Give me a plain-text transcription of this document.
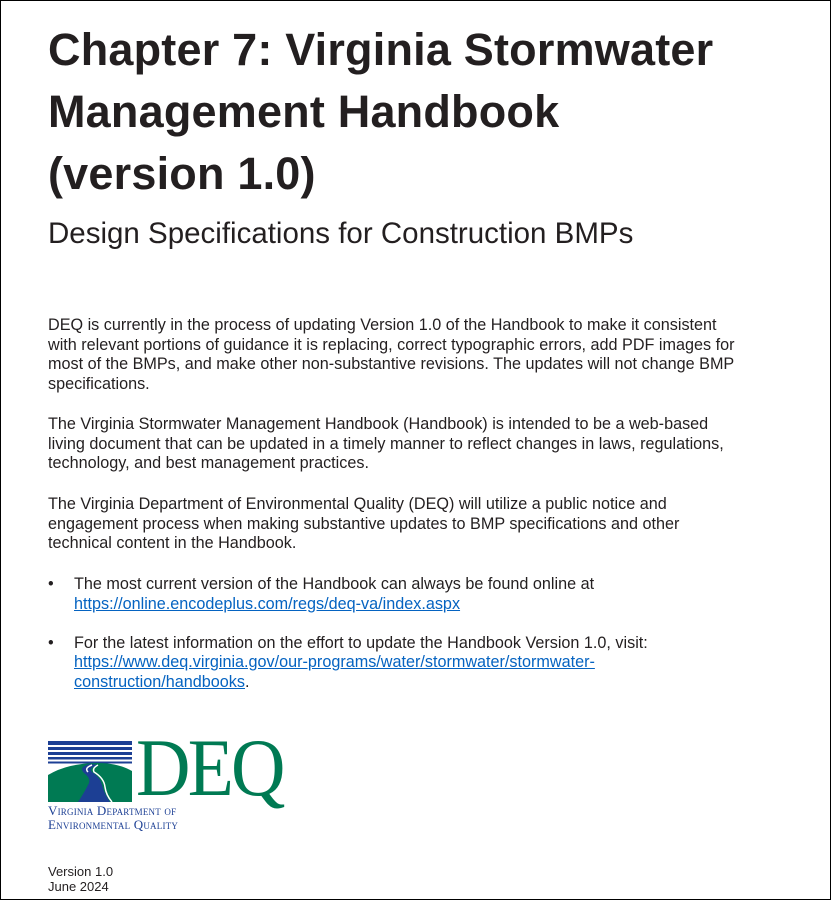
Chapter 7: Virginia Stormwater
Management Handbook
(version 1.0)
Design Specifications for Construction BMPs

DEQ is currently in the process of updating Version 1.0 of the Handbook to make it consistent with relevant portions of guidance it is replacing, correct typographic errors, add PDF images for most of the BMPs, and make other non-substantive revisions. The updates will not change BMP specifications.

The Virginia Stormwater Management Handbook (Handbook) is intended to be a web-based living document that can be updated in a timely manner to reflect changes in laws, regulations, technology, and best management practices.

The Virginia Department of Environmental Quality (DEQ) will utilize a public notice and engagement process when making substantive updates to BMP specifications and other technical content in the Handbook.

• The most current version of the Handbook can always be found online at
https://online.encodeplus.com/regs/deq-va/index.aspx
• For the latest information on the effort to update the Handbook Version 1.0, visit:
https://www.deq.virginia.gov/our-programs/water/stormwater/stormwater-construction/handbooks.
DEQ
Virginia Department of
Environmental Quality
Version 1.0
June 2024
